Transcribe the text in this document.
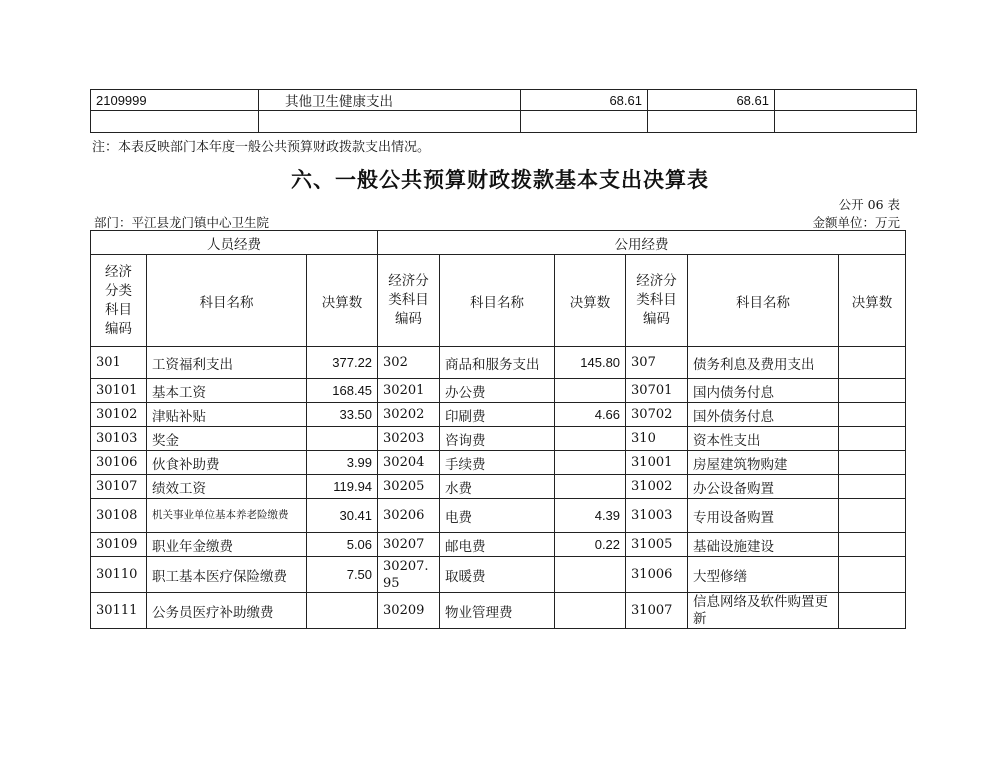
2109999	其他卫生健康支出	68.61	68.61	

注：本表反映部门本年度一般公共预算财政拨款支出情况。
六、一般公共预算财政拨款基本支出决算表
公开 06 表
部门：平江县龙门镇中心卫生院	金额单位：万元
人员经费			公用经费					
经济
分类
科目
编码	科目名称	决算数	经济分
类科目
编码	科目名称	决算数	经济分
类科目
编码	科目名称	决算数
301	工资福利支出	377.22	302	商品和服务支出	145.80	307	债务利息及费用支出	
30101	基本工资	168.45	30201	办公费		30701	国内债务付息	
30102	津贴补贴	33.50	30202	印刷费	4.66	30702	国外债务付息	
30103	奖金		30203	咨询费		310	资本性支出	
30106	伙食补助费	3.99	30204	手续费		31001	房屋建筑物购建	
30107	绩效工资	119.94	30205	水费		31002	办公设备购置	
30108	机关事业单位基本养老险缴费	30.41	30206	电费	4.39	31003	专用设备购置	
30109	职业年金缴费	5.06	30207	邮电费	0.22	31005	基础设施建设	
30110	职工基本医疗保险缴费	7.50	30207.95	取暖费		31006	大型修缮	
30111	公务员医疗补助缴费		30209	物业管理费		31007	信息网络及软件购置更新	
